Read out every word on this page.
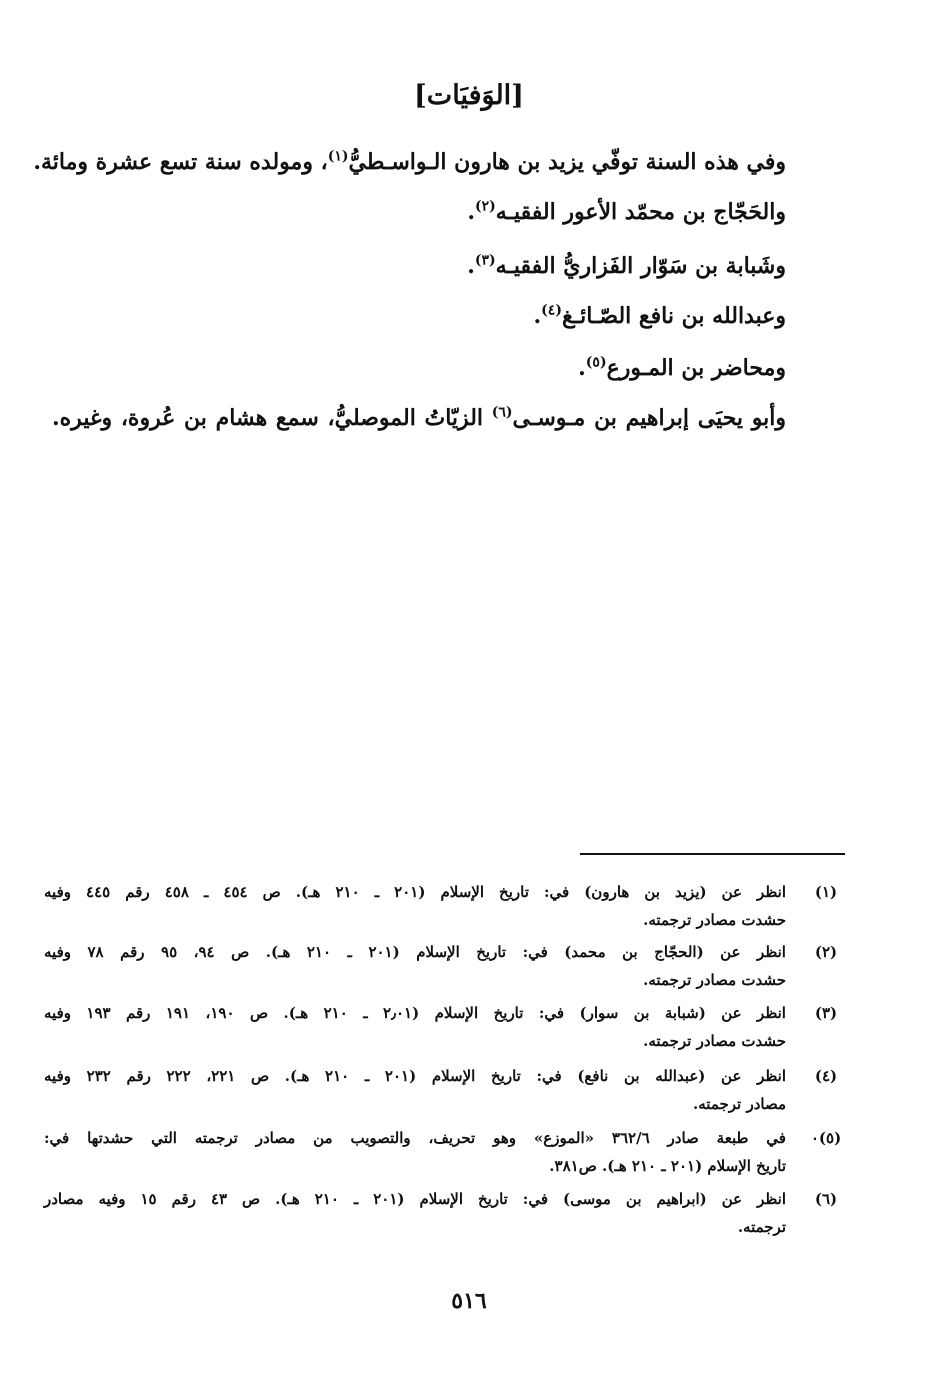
[الوَفيَات]
وفي هذه السنة توفّي يزيد بن هارون الـواسـطيُّ$^{(١)}$، ومولده سنة تسع عشرة ومائة.
والحَجّاج بن محمّد الأعور الفقيـه$^{(٢)}$.
وشَبابة بن سَوّار الفَزاريُّ الفقيـه$^{(٣)}$.
وعبدالله بن نافع الصّـائـغ$^{(٤)}$.
ومحاضر بن المـورع$^{(٥)}$.
وأبو يحيَى إبراهيم بن مـوسـى$^{(٦)}$ الزيّاتُ الموصليُّ، سمع هشام بن عُروة، وغيره.
(١)
انظر عن (يزيد بن هارون) في: تاريخ الإسلام (٢٠١ ـ ٢١٠ هـ). ص ٤٥٤ ـ ٤٥٨ رقم ٤٤٥ وفيه
حشدت مصادر ترجمته.
(٢)
انظر عن (الحجّاج بن محمد) في: تاريخ الإسلام (٢٠١ ـ ٢١٠ هـ). ص ٩٤، ٩٥ رقم ٧٨ وفيه
حشدت مصادر ترجمته.
(٣)
انظر عن (شبابة بن سوار) في: تاريخ الإسلام (٢٫٠١ ـ ٢١٠ هـ). ص ١٩٠، ١٩١ رقم ١٩٣ وفيه
حشدت مصادر ترجمته.
(٤)
انظر عن (عبدالله بن نافع) في: تاريخ الإسلام (٢٠١ ـ ٢١٠ هـ). ص ٢٢١، ٢٢٢ رقم ٢٣٢ وفيه
مصادر ترجمته.
(٥)٠
في طبعة صادر ٣٦٢/٦ «الموزع» وهو تحريف، والتصويب من مصادر ترجمته التي حشدتها في:
تاريخ الإسلام (٢٠١ ـ ٢١٠ هـ). ص٣٨١.
(٦)
انظر عن (ابراهيم بن موسى) في: تاريخ الإسلام (٢٠١ ـ ٢١٠ هـ). ص ٤٣ رقم ١٥ وفيه مصادر
ترجمته.
٥١٦
